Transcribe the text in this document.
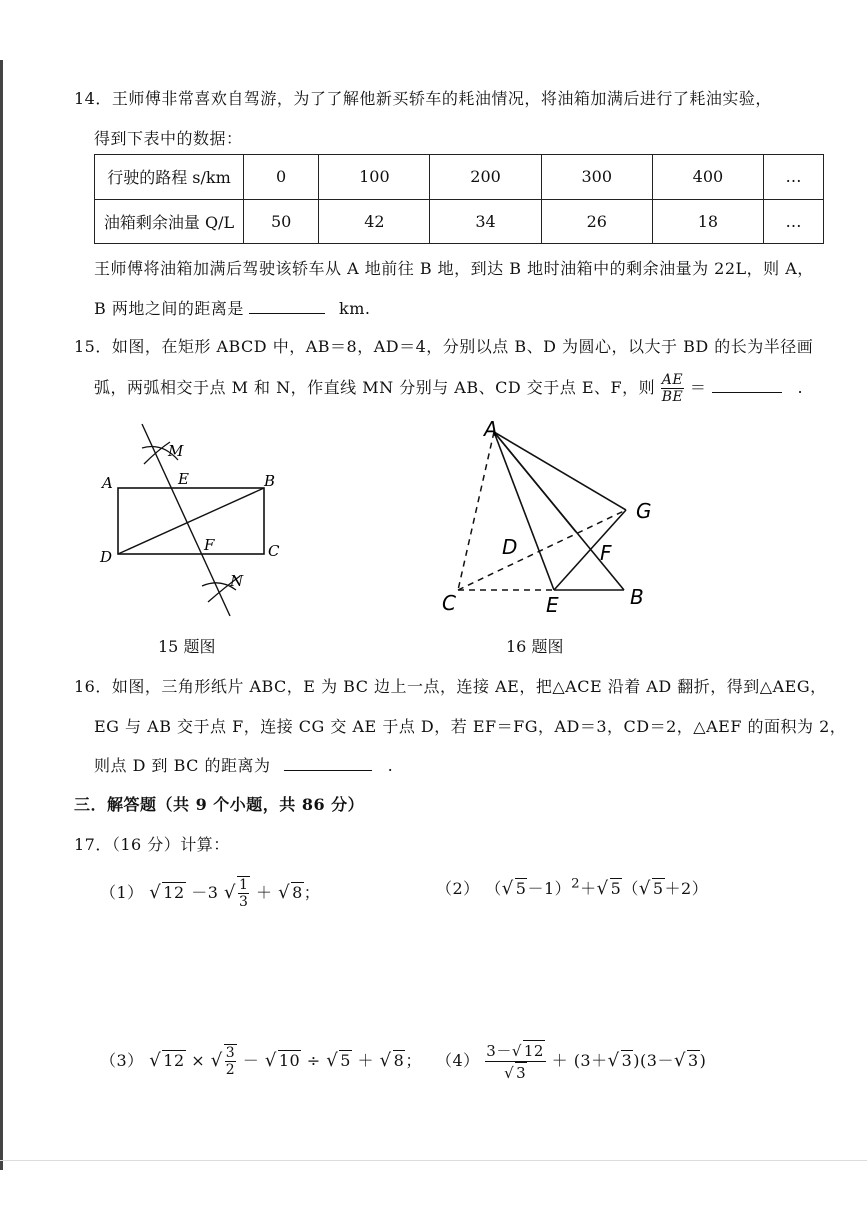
14．王师傅非常喜欢自驾游，为了了解他新买轿车的耗油情况，将油箱加满后进行了耗油实验，
得到下表中的数据：
行驶的路程 s/km	0	100	200	300	400	…
油箱剩余油量 Q/L	50	42	34	26	18	…
王师傅将油箱加满后驾驶该轿车从 A 地前往 B 地，到达 B 地时油箱中的剩余油量为 22L，则 A，
B 两地之间的距离是	km.
15．如图，在矩形 ABCD 中，AB＝8，AD＝4，分别以点 B、D 为圆心，以大于 BD 的长为半径画
弧，两弧相交于点 M 和 N，作直线 MN 分别与 AB、CD 交于点 E、F，则 $\frac{AE}{BE}$ ＝	.
A	B
C
D
E
F
M
N
15 题图
A
B
C
D
E
F
G
16 题图
16．如图，三角形纸片 ABC，E 为 BC 边上一点，连接 AE，把△ACE 沿着 AD 翻折，得到△AEG，
EG 与 AB 交于点 F，连接 CG 交 AE 于点 D，若 EF＝FG，AD＝3，CD＝2，△AEF 的面积为 2，
则点 D 到 BC 的距离为	.
三．解答题（共 9 个小题，共 86 分）
17．（16 分）计算：
（1） √ 12 －3 √ $\frac{1}{3}$ ＋ √ 8；	（2） （√ 5－1）$^2$＋√ 5（√ 5＋2）
（3） √ 12 × √ $\frac{3}{2}$ － √ 10 ÷ √ 5 ＋ √ 8； $(4) \frac{3-√ 12}{√ 3} + (3+√$ 3)(3－√ 3)
